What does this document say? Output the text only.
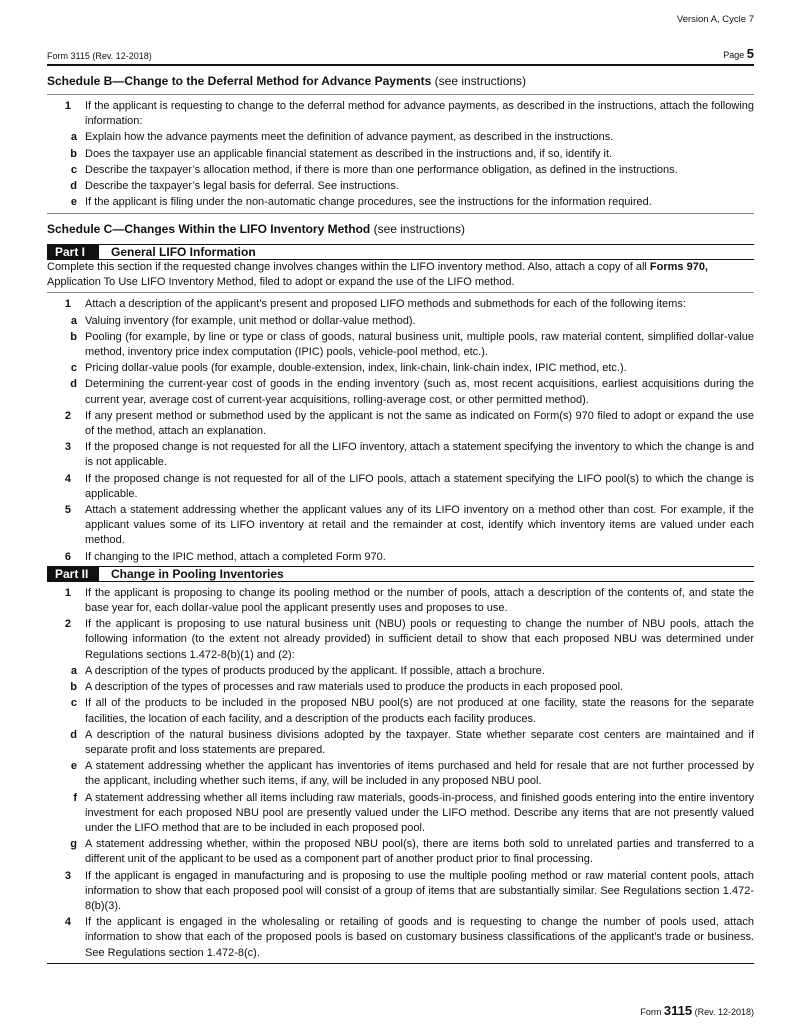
Version A, Cycle 7
Form 3115 (Rev. 12-2018)	Page 5
Schedule B—Change to the Deferral Method for Advance Payments (see instructions)
1	If the applicant is requesting to change to the deferral method for advance payments, as described in the instructions, attach the following information:
a Explain how the advance payments meet the definition of advance payment, as described in the instructions.
b Does the taxpayer use an applicable financial statement as described in the instructions and, if so, identify it.
c Describe the taxpayer’s allocation method, if there is more than one performance obligation, as defined in the instructions.
d Describe the taxpayer’s legal basis for deferral. See instructions.
e If the applicant is filing under the non-automatic change procedures, see the instructions for the information required.
Schedule C—Changes Within the LIFO Inventory Method (see instructions)
Part I	General LIFO Information
Complete this section if the requested change involves changes within the LIFO inventory method. Also, attach a copy of all Forms 970, Application To Use LIFO Inventory Method, filed to adopt or expand the use of the LIFO method.
1	Attach a description of the applicant’s present and proposed LIFO methods and submethods for each of the following items:
a Valuing inventory (for example, unit method or dollar-value method).
b Pooling (for example, by line or type or class of goods, natural business unit, multiple pools, raw material content, simplified dollar-value method, inventory price index computation (IPIC) pools, vehicle-pool method, etc.).
c Pricing dollar-value pools (for example, double-extension, index, link-chain, link-chain index, IPIC method, etc.).
d Determining the current-year cost of goods in the ending inventory (such as, most recent acquisitions, earliest acquisitions during the current year, average cost of current-year acquisitions, rolling-average cost, or other permitted method).
2	If any present method or submethod used by the applicant is not the same as indicated on Form(s) 970 filed to adopt or expand the use of the method, attach an explanation.
3	If the proposed change is not requested for all the LIFO inventory, attach a statement specifying the inventory to which the change is and is not applicable.
4	If the proposed change is not requested for all of the LIFO pools, attach a statement specifying the LIFO pool(s) to which the change is applicable.
5	Attach a statement addressing whether the applicant values any of its LIFO inventory on a method other than cost. For example, if the applicant values some of its LIFO inventory at retail and the remainder at cost, identify which inventory items are valued under each method.
6	If changing to the IPIC method, attach a completed Form 970.
Part II	Change in Pooling Inventories
1	If the applicant is proposing to change its pooling method or the number of pools, attach a description of the contents of, and state the base year for, each dollar-value pool the applicant presently uses and proposes to use.
2	If the applicant is proposing to use natural business unit (NBU) pools or requesting to change the number of NBU pools, attach the following information (to the extent not already provided) in sufficient detail to show that each proposed NBU was determined under Regulations sections 1.472-8(b)(1) and (2):
a A description of the types of products produced by the applicant. If possible, attach a brochure.
b A description of the types of processes and raw materials used to produce the products in each proposed pool.
c If all of the products to be included in the proposed NBU pool(s) are not produced at one facility, state the reasons for the separate facilities, the location of each facility, and a description of the products each facility produces.
d A description of the natural business divisions adopted by the taxpayer. State whether separate cost centers are maintained and if separate profit and loss statements are prepared.
e A statement addressing whether the applicant has inventories of items purchased and held for resale that are not further processed by the applicant, including whether such items, if any, will be included in any proposed NBU pool.
f A statement addressing whether all items including raw materials, goods-in-process, and finished goods entering into the entire inventory investment for each proposed NBU pool are presently valued under the LIFO method. Describe any items that are not presently valued under the LIFO method that are to be included in each proposed pool.
g A statement addressing whether, within the proposed NBU pool(s), there are items both sold to unrelated parties and transferred to a different unit of the applicant to be used as a component part of another product prior to final processing.
3	If the applicant is engaged in manufacturing and is proposing to use the multiple pooling method or raw material content pools, attach information to show that each proposed pool will consist of a group of items that are substantially similar. See Regulations section 1.472-8(b)(3).
4	If the applicant is engaged in the wholesaling or retailing of goods and is requesting to change the number of pools used, attach information to show that each of the proposed pools is based on customary business classifications of the applicant’s trade or business. See Regulations section 1.472-8(c).
Form 3115 (Rev. 12-2018)
